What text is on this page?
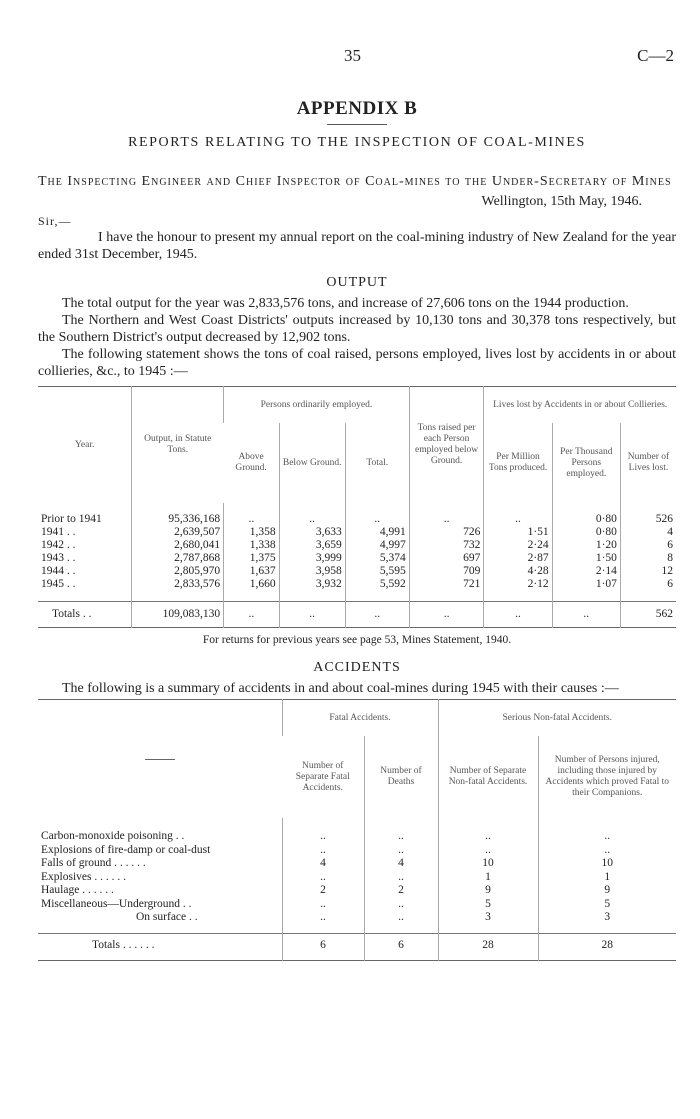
35	C—2
APPENDIX B
REPORTS RELATING TO THE INSPECTION OF COAL-MINES
The Inspecting Engineer and Chief Inspector of Coal-mines to the Under-Secretary of Mines
Wellington, 15th May, 1946.
Sir,—

I have the honour to present my annual report on the coal-mining industry of New Zealand for the year ended 31st December, 1945.

OUTPUT

The total output for the year was 2,833,576 tons, and increase of 27,606 tons on the 1944 production.

The Northern and West Coast Districts' outputs increased by 10,130 tons and 30,378 tons respectively, but the Southern District's output decreased by 12,902 tons.

The following statement shows the tons of coal raised, persons employed, lives lost by accidents in or about collieries, &c., to 1945 :—

Year.	Output, in Statute Tons.	Persons ordinarily employed.			Tons raised per each Person employed below Ground.	Lives lost by Accidents in or about Collieries.		
		Above Ground.	Below Ground.	Total.		Per Million Tons produced.	Per Thousand Persons employed.	Number of Lives lost.

Prior to 1941	95,336,168	..	..	..	..	..	0·80	526
1941 . .	2,639,507	1,358	3,633	4,991	726	1·51	0·80	4
1942 . .	2,680,041	1,338	3,659	4,997	732	2·24	1·20	6
1943 . .	2,787,868	1,375	3,999	5,374	697	2·87	1·50	8
1944 . .	2,805,970	1,637	3,958	5,595	709	4·28	2·14	12
1945 . .	2,833,576	1,660	3,932	5,592	721	2·12	1·07	6

Totals . .	109,083,130	..	..	..	..	..	..	562
For returns for previous years see page 53, Mines Statement, 1940.
ACCIDENTS

The following is a summary of accidents in and about coal-mines during 1945 with their causes :—

	Fatal Accidents.		Serious Non-fatal Accidents.	
	Number of Separate Fatal Accidents.	Number of Deaths	Number of Separate Non-fatal Accidents.	Number of Persons injured, including those injured by Accidents which proved Fatal to their Companions.

Carbon-monoxide poisoning . .	..	..	..	..
Explosions of fire-damp or coal-dust	..	..	..	..
Falls of ground . . . . . .	4	4	10	10
Explosives . . . . . .	..	..	1	1
Haulage . . . . . .	2	2	9	9
Miscellaneous—Underground . .	..	..	5	5
On surface . .	..	..	3	3

Totals . . . . . .	6	6	28	28
